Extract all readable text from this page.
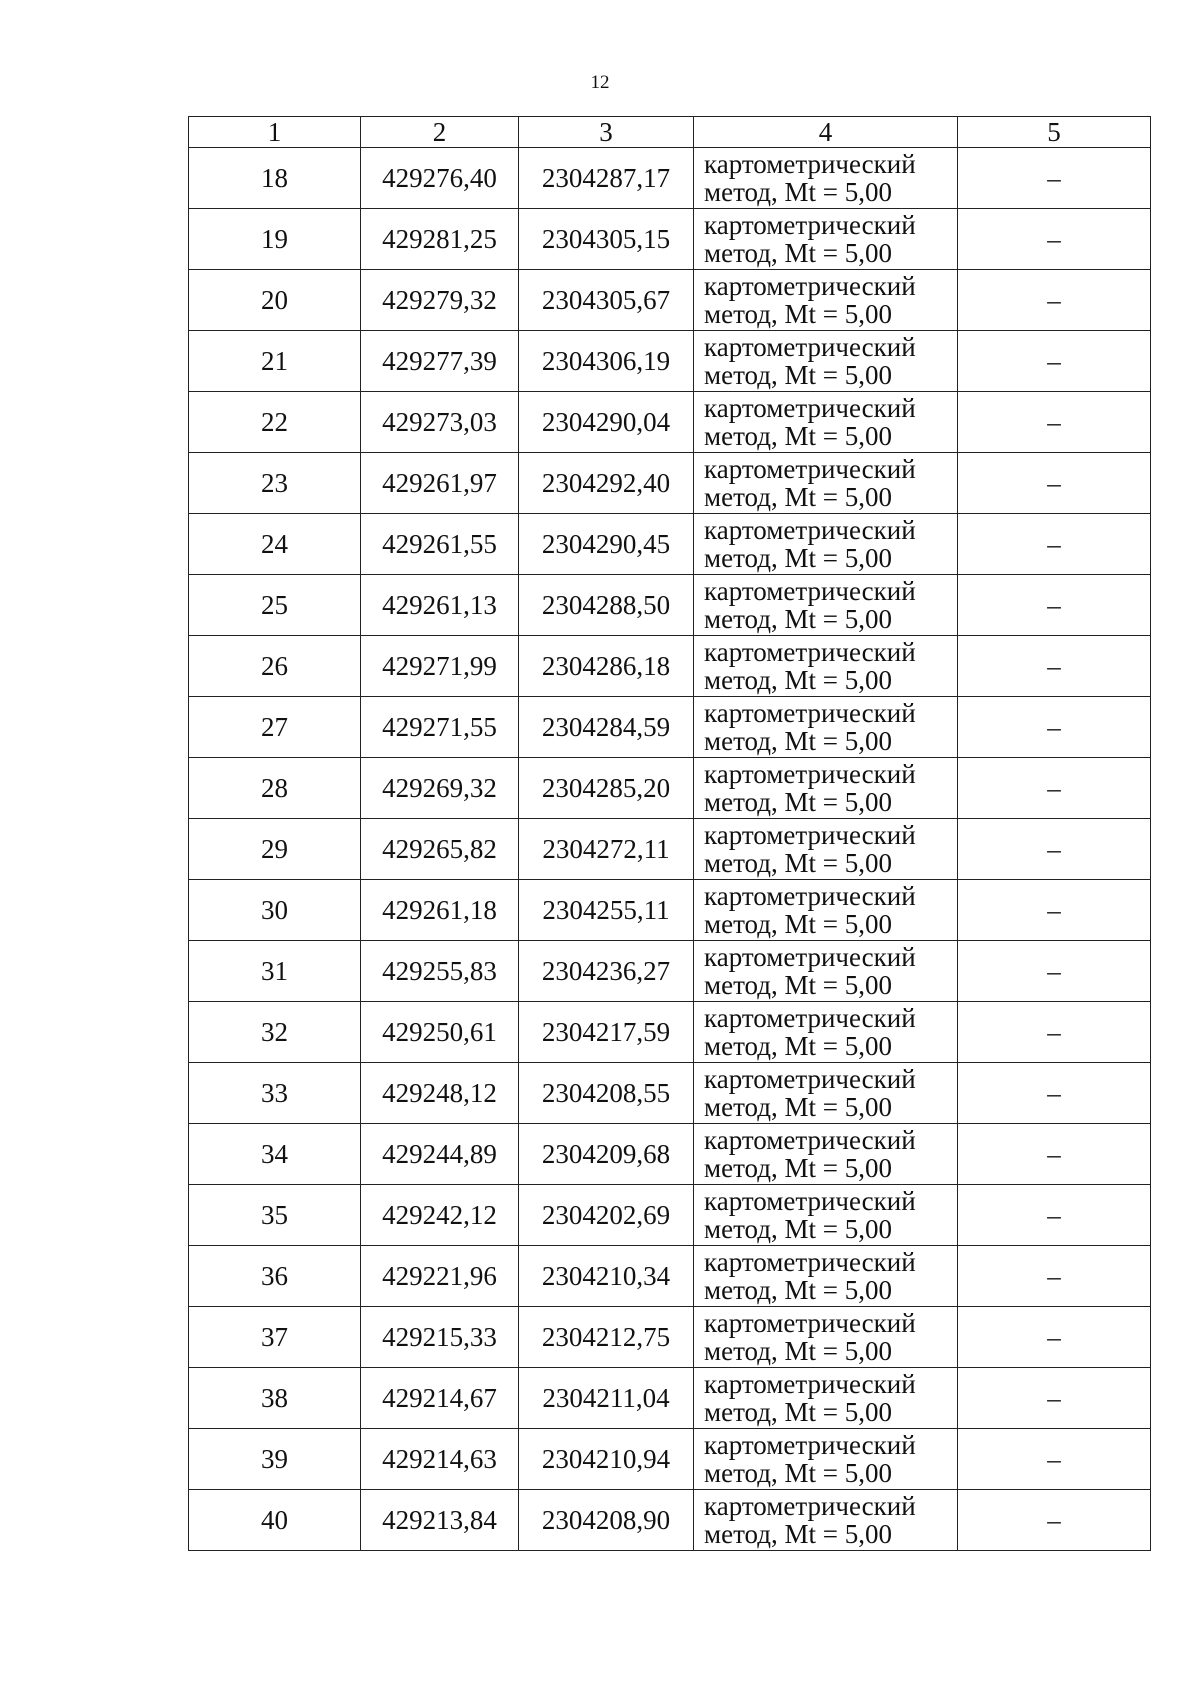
12
1	2	3	4	5
18	429276,40	2304287,17	картометрический
метод, Mt = 5,00	–
19	429281,25	2304305,15	картометрический
метод, Mt = 5,00	–
20	429279,32	2304305,67	картометрический
метод, Mt = 5,00	–
21	429277,39	2304306,19	картометрический
метод, Mt = 5,00	–
22	429273,03	2304290,04	картометрический
метод, Mt = 5,00	–
23	429261,97	2304292,40	картометрический
метод, Mt = 5,00	–
24	429261,55	2304290,45	картометрический
метод, Mt = 5,00	–
25	429261,13	2304288,50	картометрический
метод, Mt = 5,00	–
26	429271,99	2304286,18	картометрический
метод, Mt = 5,00	–
27	429271,55	2304284,59	картометрический
метод, Mt = 5,00	–
28	429269,32	2304285,20	картометрический
метод, Mt = 5,00	–
29	429265,82	2304272,11	картометрический
метод, Mt = 5,00	–
30	429261,18	2304255,11	картометрический
метод, Mt = 5,00	–
31	429255,83	2304236,27	картометрический
метод, Mt = 5,00	–
32	429250,61	2304217,59	картометрический
метод, Mt = 5,00	–
33	429248,12	2304208,55	картометрический
метод, Mt = 5,00	–
34	429244,89	2304209,68	картометрический
метод, Mt = 5,00	–
35	429242,12	2304202,69	картометрический
метод, Mt = 5,00	–
36	429221,96	2304210,34	картометрический
метод, Mt = 5,00	–
37	429215,33	2304212,75	картометрический
метод, Mt = 5,00	–
38	429214,67	2304211,04	картометрический
метод, Mt = 5,00	–
39	429214,63	2304210,94	картометрический
метод, Mt = 5,00	–
40	429213,84	2304208,90	картометрический
метод, Mt = 5,00	–
